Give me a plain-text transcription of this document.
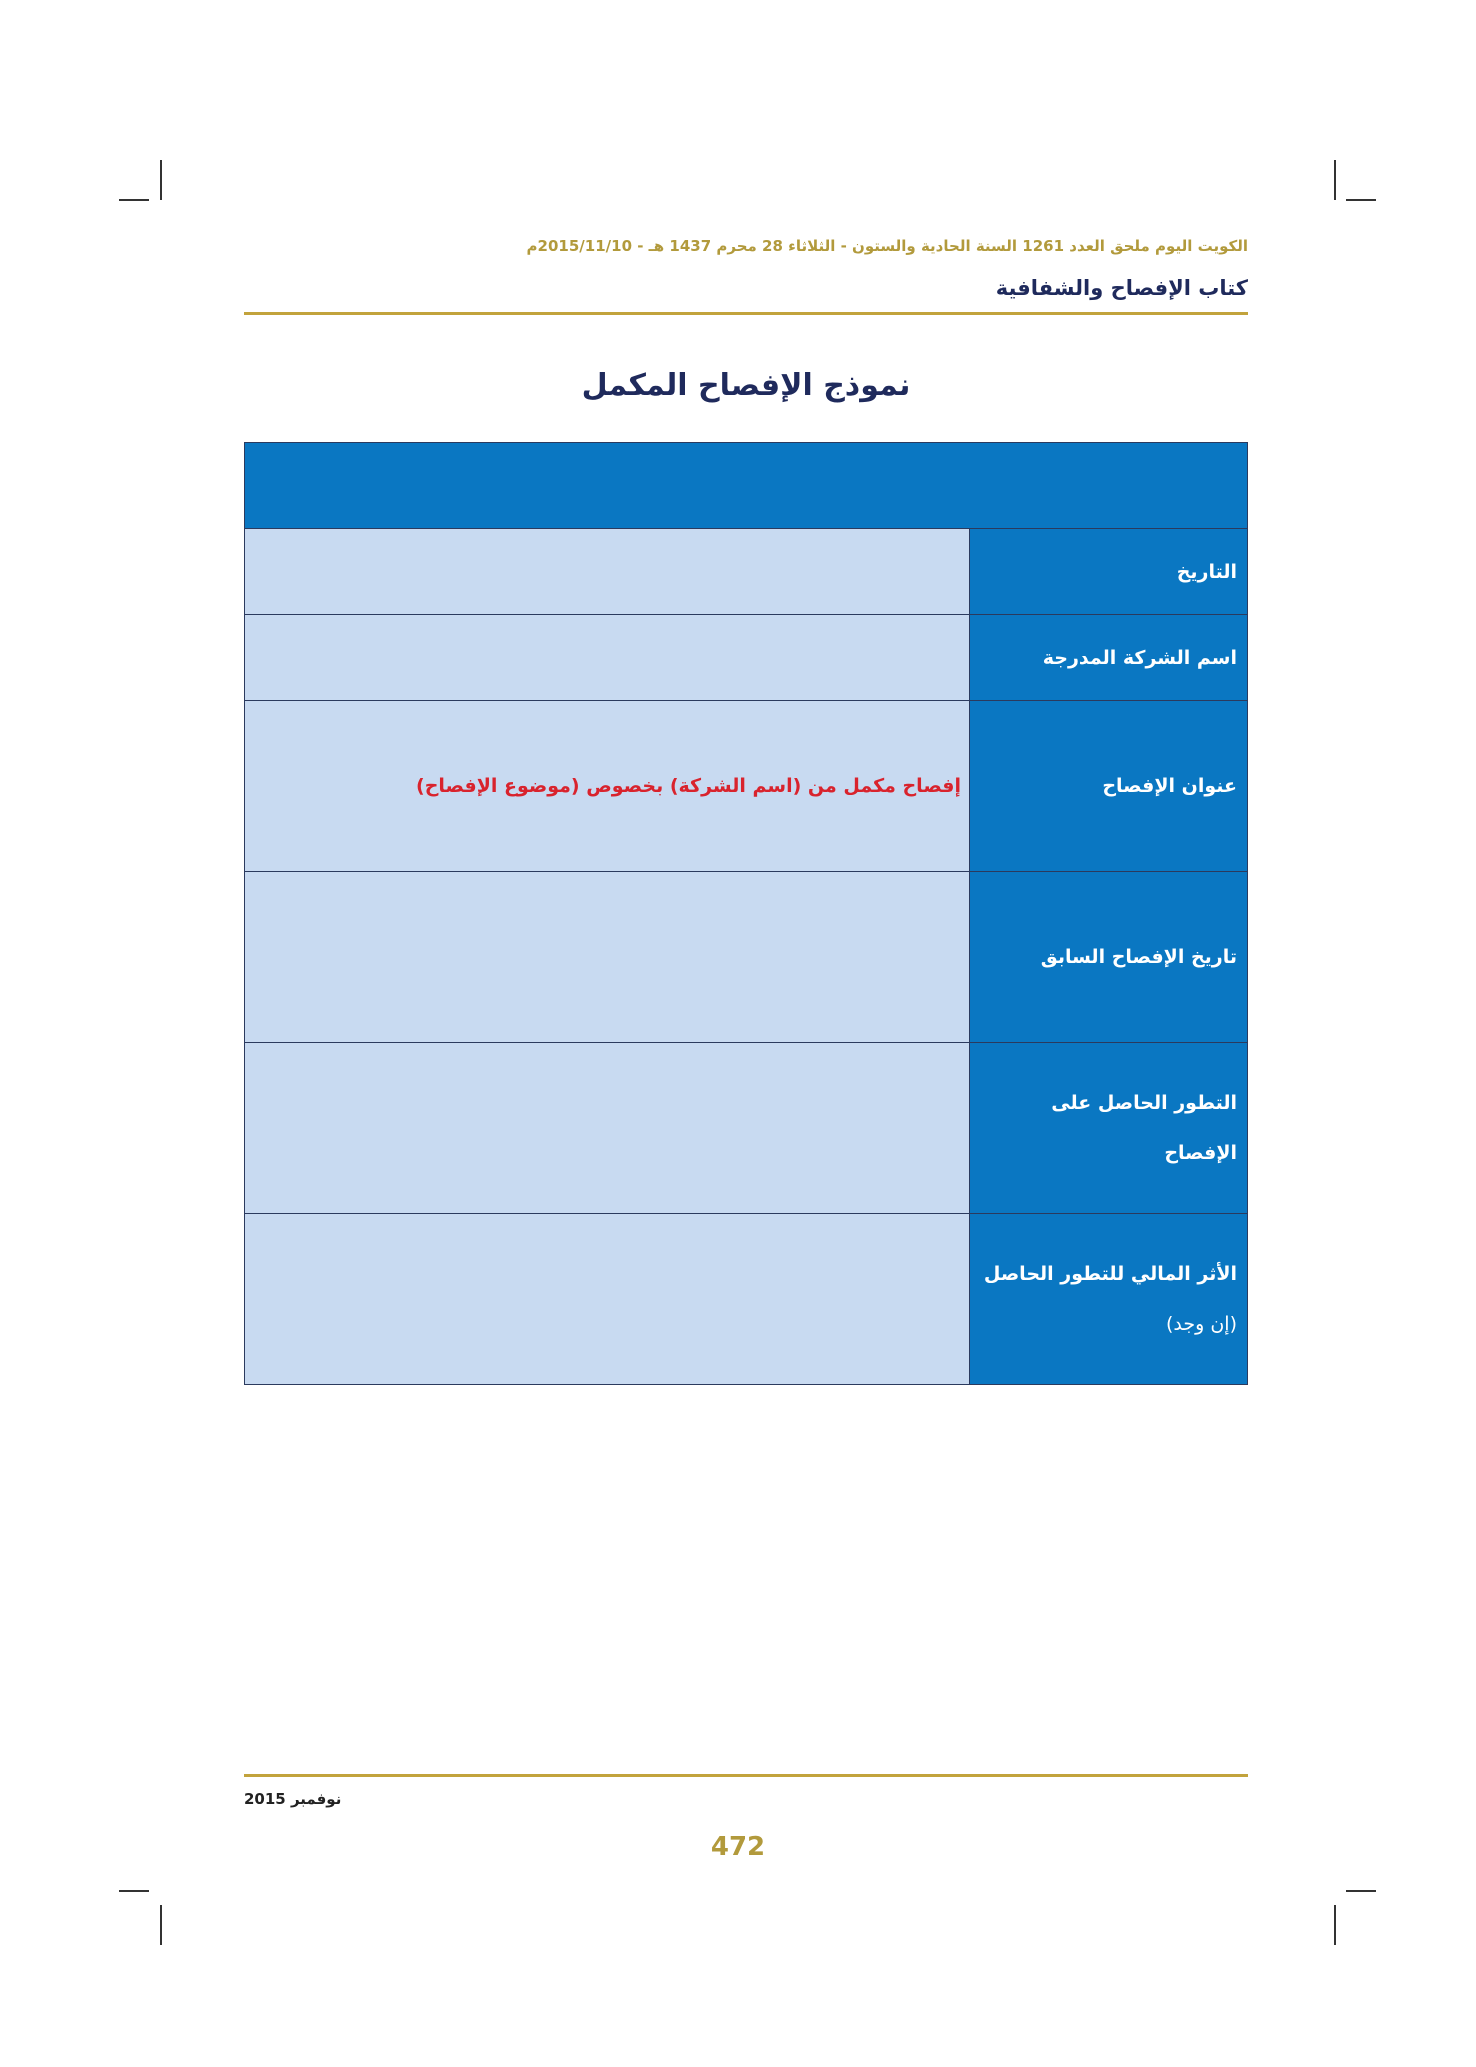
الكويت اليوم ملحق العدد 1261 السنة الحادية والستون - الثلاثاء 28 محرم 1437 هـ - 2015/11/10م
كتاب الإفصاح والشفافية
نموذج الإفصاح المكمل
التاريخ
اسم الشركة المدرجة
عنوان الإفصاح
إفصاح مكمل من (اسم الشركة) بخصوص (موضوع الإفصاح)
تاريخ الإفصاح السابق
التطور الحاصل على الإفصاح
الأثر المالي للتطور الحاصل
(إن وجد)
نوفمبر 2015
472
